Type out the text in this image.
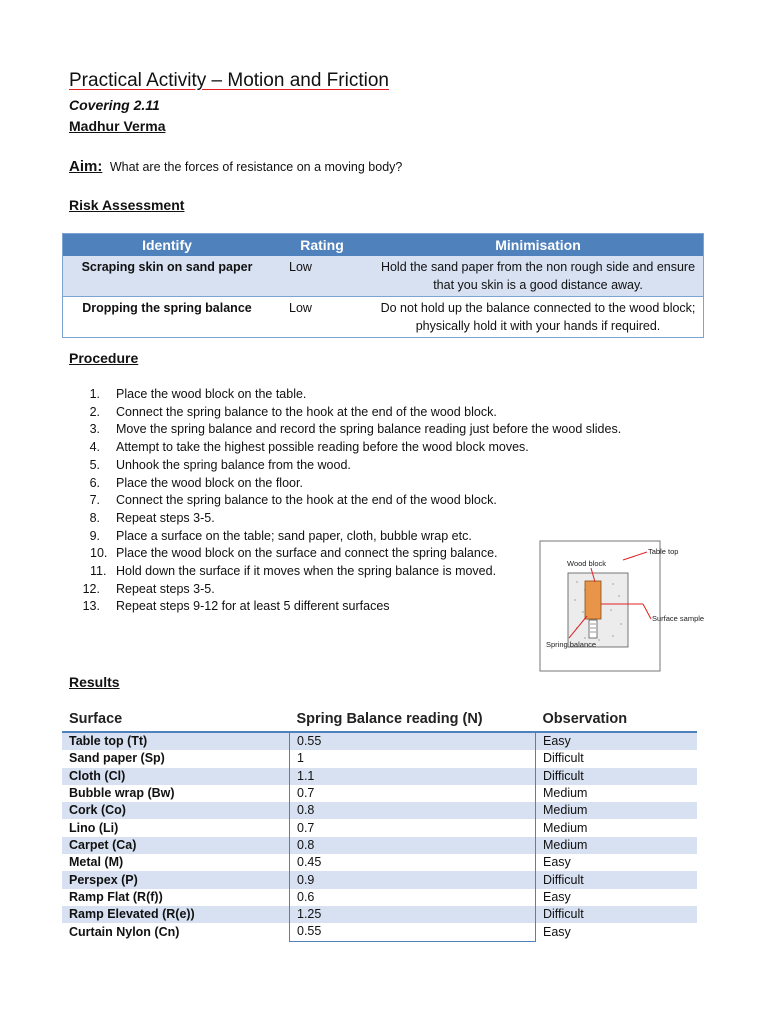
Practical Activity – Motion and Friction
Covering 2.11
Madhur Verma
Aim: What are the forces of resistance on a moving body?
Risk Assessment
Identify	Rating	Minimisation
Scraping skin on sand paper	Low	Hold the sand paper from the non rough side and ensure that you skin is a good distance away.
Dropping the spring balance	Low	Do not hold up the balance connected to the wood block; physically hold it with your hands if required.
Procedure
1. Place the wood block on the table.
2. Connect the spring balance to the hook at the end of the wood block.
3. Move the spring balance and record the spring balance reading just before the wood slides.
4. Attempt to take the highest possible reading before the wood block moves.
5. Unhook the spring balance from the wood.
6. Place the wood block on the floor.
7. Connect the spring balance to the hook at the end of the wood block.
8. Repeat steps 3-5.
9. Place a surface on the table; sand paper, cloth, bubble wrap etc.
10. Place the wood block on the surface and connect the spring balance.
11. Hold down the surface if it moves when the spring balance is moved.
12. Repeat steps 3-5.
13. Repeat steps 9-12 for at least 5 different surfaces
Wood block
Table top
Surface sample
Spring balance
Results
Surface	Spring Balance reading (N)	Observation
Table top (Tt)	0.55	Easy
Sand paper (Sp)	1	Difficult
Cloth (Cl)	1.1	Difficult
Bubble wrap (Bw)	0.7	Medium
Cork (Co)	0.8	Medium
Lino (Li)	0.7	Medium
Carpet (Ca)	0.8	Medium
Metal (M)	0.45	Easy
Perspex (P)	0.9	Difficult
Ramp Flat (R(f))	0.6	Easy
Ramp Elevated (R(e))	1.25	Difficult
Curtain Nylon (Cn)	0.55	Easy
